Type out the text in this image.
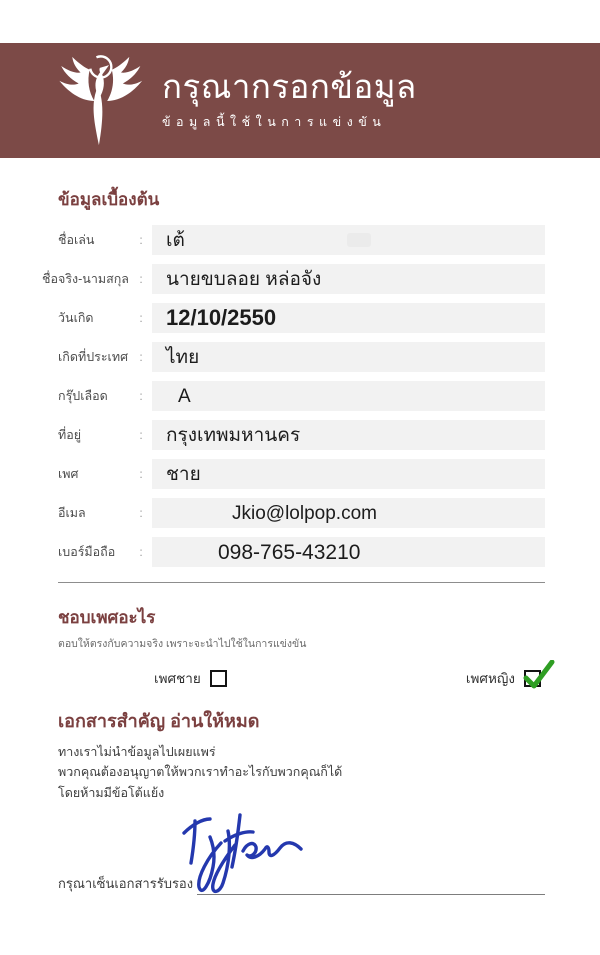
กรุณากรอกข้อมูล
ข้อมูลนี้ใช้ในการแข่งขัน
ข้อมูลเบื้องต้น
ชื่อเล่น	:	เต้
ชื่อจริง-นามสกุล :	นายขบลอย หล่อจัง
วันเกิด	:	12/10/2550
เกิดที่ประเทศ :	ไทย
กรุ๊ปเลือด	:	A
ที่อยู่	:	กรุงเทพมหานคร
เพศ	:	ชาย
อีเมล	:	Jkio@lolpop.com
เบอร์มือถือ	:	098-765-43210
ชอบเพศอะไร
ตอบให้ตรงกับความจริง เพราะจะนำไปใช้ในการแข่งขัน
เพศชาย	เพศหญิง
เอกสารสำคัญ อ่านให้หมด
ทางเราไม่นำข้อมูลไปเผยแพร่
พวกคุณต้องอนุญาตให้พวกเราทำอะไรกับพวกคุณก็ได้
โดยห้ามมีข้อโต้แย้ง
กรุณาเซ็นเอกสารรับรอง
